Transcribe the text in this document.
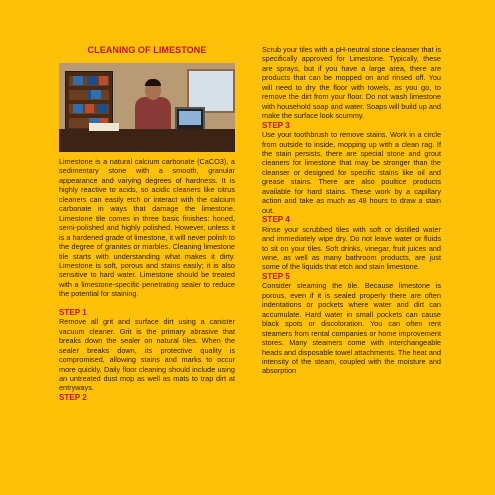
CLEANING OF LIMESTONE

Limestone is a natural calcium carbonate (CaCO3), a sedimentary stone with a smooth, granular appearance and varying degrees of hardness. It is highly reactive to acids, so acidic cleaners like citrus cleaners can easily etch or interact with the calcium carbonate in ways that damage the limestone. Limestone tile comes in three basic finishes: honed, semi-polished and highly polished. However, unless it is a hardened grade of limestone, it will never polish to the degree of granites or marbles. Cleaning limestone tile starts with understanding what makes it dirty. Limestone is soft, porous and stains easily; it is also sensitive to hard water. Limestone should be treated with a limestone-specific penetrating sealer to reduce the potential for staining.

STEP 1

Remove all grit and surface dirt using a canister vacuum cleaner. Grit is the primary abrasive that breaks down the sealer on natural tiles. When the sealer breaks down, its protective quality is compromised, allowing stains and marks to occur more quickly. Daily floor cleaning should include using an untreated dust mop as well as mats to trap dirt at entryways.

STEP 2

Scrub your tiles with a pH-neutral stone cleanser that is specifically approved for Limestone. Typically, these are sprays, but if you have a large area, there are products that can be mopped on and rinsed off. You will need to dry the floor with towels, as you go, to remove the dirt from your floor. Do not wash limestone with household soap and water. Soaps will build up and make the surface look scummy.

STEP 3

Use your toothbrush to remove stains. Work in a circle from outside to inside, mopping up with a clean rag. If the stain persists, there are special stone and grout cleaners for limestone that may be stronger than the cleanser or designed for specific stains like oil and grease stains. There are also poultice products available for hard stains. These work by a capillary action and take as much as 48 hours to draw a stain out.

STEP 4

Rinse your scrubbed tiles with soft or distilled water and immediately wipe dry. Do not leave water or fluids to sit on your tiles. Soft drinks, vinegar, fruit juices and wine, as well as many bathroom products, are just some of the liquids that etch and stain limestone.

STEP 5

Consider steaming the tile. Because limestone is porous, even if it is sealed properly there are often indentations or pockets where water and dirt can accumulate. Hard water in small pockets can cause black spots or discoloration. You can often rent steamers from rental companies or home improvement stores. Many steamers come with interchangeable heads and disposable towel attachments. The heat and intensity of the steam, coupled with the moisture and absorption
